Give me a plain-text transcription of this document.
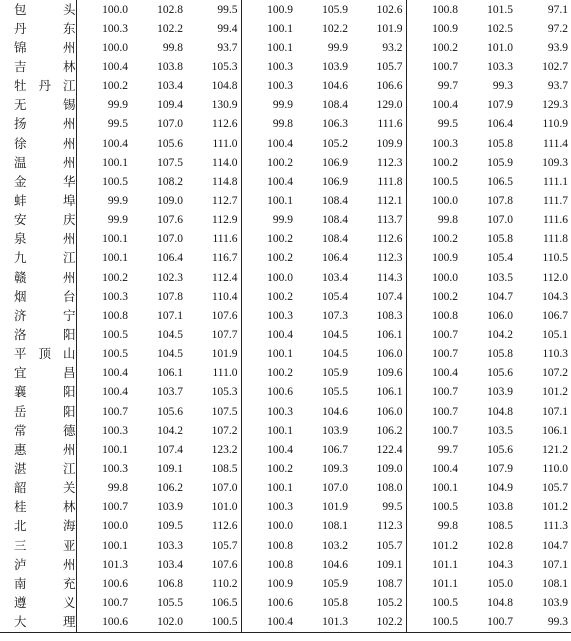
包　头	100.0	102.8	99.5	100.9	105.9	102.6	100.8	101.5	97.1
丹　东	100.3	102.2	99.4	100.1	102.2	101.9	100.9	102.5	97.2
锦　州	100.0	99.8	93.7	100.1	99.9	93.2	100.2	101.0	93.9
吉　林	100.4	103.8	105.3	100.3	103.9	105.7	100.7	103.3	102.7
牡丹江	100.2	103.4	104.8	100.3	104.6	106.6	99.7	99.3	93.7
无　锡	99.9	109.4	130.9	99.9	108.4	129.0	100.4	107.9	129.3
扬　州	99.5	107.0	112.6	99.8	106.3	111.6	99.5	106.4	110.9
徐　州	100.4	105.6	111.0	100.4	105.2	109.9	100.3	105.8	111.4
温　州	100.1	107.5	114.0	100.2	106.9	112.3	100.2	105.9	109.3
金　华	100.5	108.2	114.8	100.4	106.9	111.8	100.5	106.5	111.1
蚌　埠	99.9	109.0	112.7	100.1	108.4	112.1	100.0	107.8	111.7
安　庆	99.9	107.6	112.9	99.9	108.4	113.7	99.8	107.0	111.6
泉　州	100.1	107.0	111.6	100.2	108.4	112.6	100.2	105.8	111.8
九　江	100.1	106.4	116.7	100.2	106.4	112.3	100.9	105.4	110.5
赣　州	100.2	102.3	112.4	100.0	103.4	114.3	100.0	103.5	112.0
烟　台	100.3	107.8	110.4	100.2	105.4	107.4	100.2	104.7	104.3
济　宁	100.8	107.1	107.6	100.3	107.3	108.3	100.8	106.0	106.7
洛　阳	100.5	104.5	107.7	100.4	104.5	106.1	100.7	104.2	105.1
平顶山	100.5	104.5	101.9	100.1	104.5	106.0	100.7	105.8	110.3
宜　昌	100.4	106.1	111.0	100.2	105.9	109.6	100.4	105.6	107.2
襄　阳	100.4	103.7	105.3	100.6	105.5	106.1	100.7	103.9	101.2
岳　阳	100.7	105.6	107.5	100.3	104.6	106.0	100.7	104.8	107.1
常　德	100.3	104.2	107.2	100.1	103.9	106.2	100.7	103.5	106.1
惠　州	100.1	107.4	123.2	100.4	106.7	122.4	99.7	105.6	121.2
湛　江	100.3	109.1	108.5	100.2	109.3	109.0	100.4	107.9	110.0
韶　关	99.8	106.2	107.0	100.1	107.0	108.0	100.1	104.9	105.7
桂　林	100.7	103.9	101.0	100.3	101.9	99.5	100.5	103.8	101.2
北　海	100.0	109.5	112.6	100.0	108.1	112.3	99.8	108.5	111.3
三　亚	100.1	103.3	105.7	100.8	103.2	105.7	101.2	102.8	104.7
泸　州	101.3	103.4	107.6	100.8	104.6	109.1	101.1	104.3	107.1
南　充	100.6	106.8	110.2	100.9	105.9	108.7	101.1	105.0	108.1
遵　义	100.7	105.5	106.5	100.6	105.8	105.2	100.5	104.8	103.9
大　理	100.6	102.0	100.5	100.4	101.3	102.2	100.5	100.7	99.3
